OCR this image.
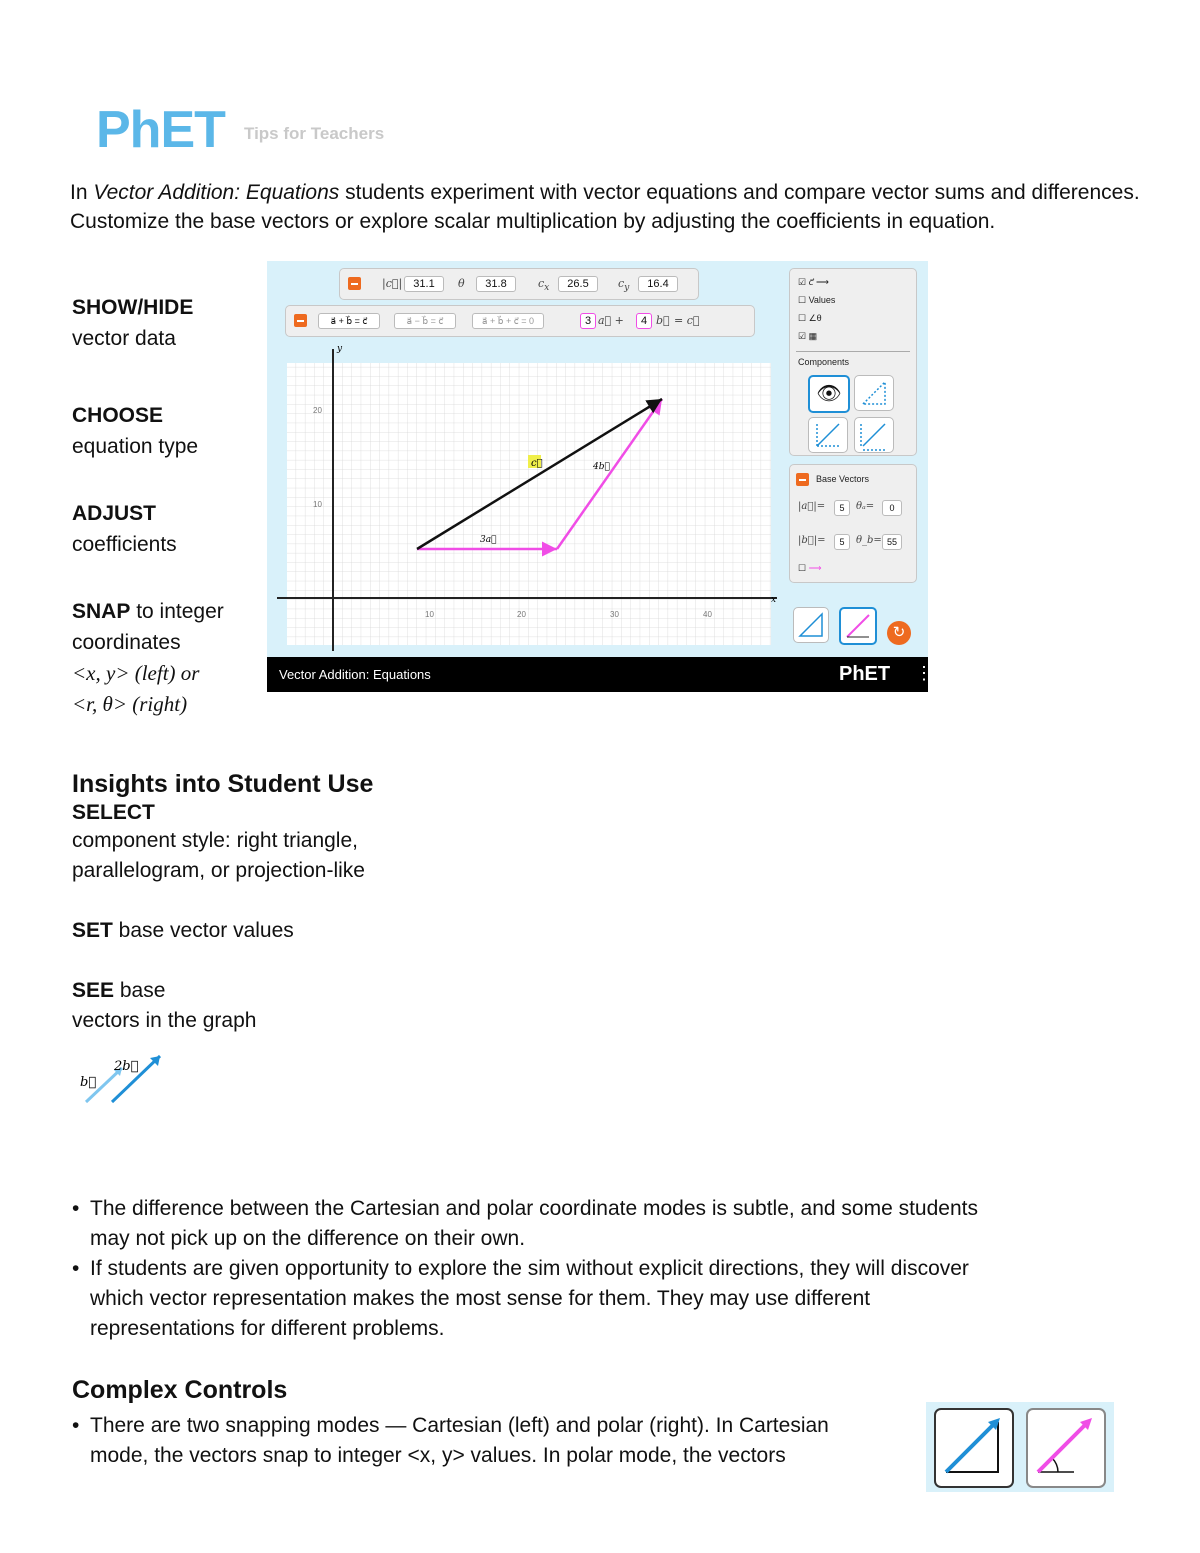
PhET Tips for Teachers
In Vector Addition: Equations students experiment with vector equations and compare vector sums and differences. Customize the base vectors or explore scalar multiplication by adjusting the coefficients in equation.
SHOW/HIDE
vector data
CHOOSE
equation type
ADJUST
coefficients
SNAP to integer
coordinates
<x, y> (left) or
<r, θ> (right)
|c⃗|	31.1	θ	31.8	$c_x$	26.5	$c_y$	16.4
a⃗ + b⃗ = c⃗	a⃗ − b⃗ = c⃗	a⃗ + b⃗ + c⃗ = 0	3 a⃗ +	4 b⃗ = c⃗
y
x
10	20	30	40
10
20
c⃗
3a⃗
4b⃗
☑ c⃗ ⟶
☐ Values
☐ ∠θ
☑ ▦
Components
👁
Base Vectors
|a⃗|=	5	θₐ=	0
|b⃗|=	5	θ_b= 55
☐ ⟶
↻
Vector Addition: Equations	PhET ⋮
Insights into Student Use
SELECT
component style: right triangle,
parallelogram, or projection-like
SET base vector values
SEE base
vectors in the graph
b⃗
2b⃗
• The difference between the Cartesian and polar coordinate modes is subtle, and some students
may not pick up on the difference on their own.
• If students are given opportunity to explore the sim without explicit directions, they will discover
which vector representation makes the most sense for them. They may use different
representations for different problems.
Complex Controls
• There are two snapping modes — Cartesian (left) and polar (right). In Cartesian
mode, the vectors snap to integer <x, y> values. In polar mode, the vectors
